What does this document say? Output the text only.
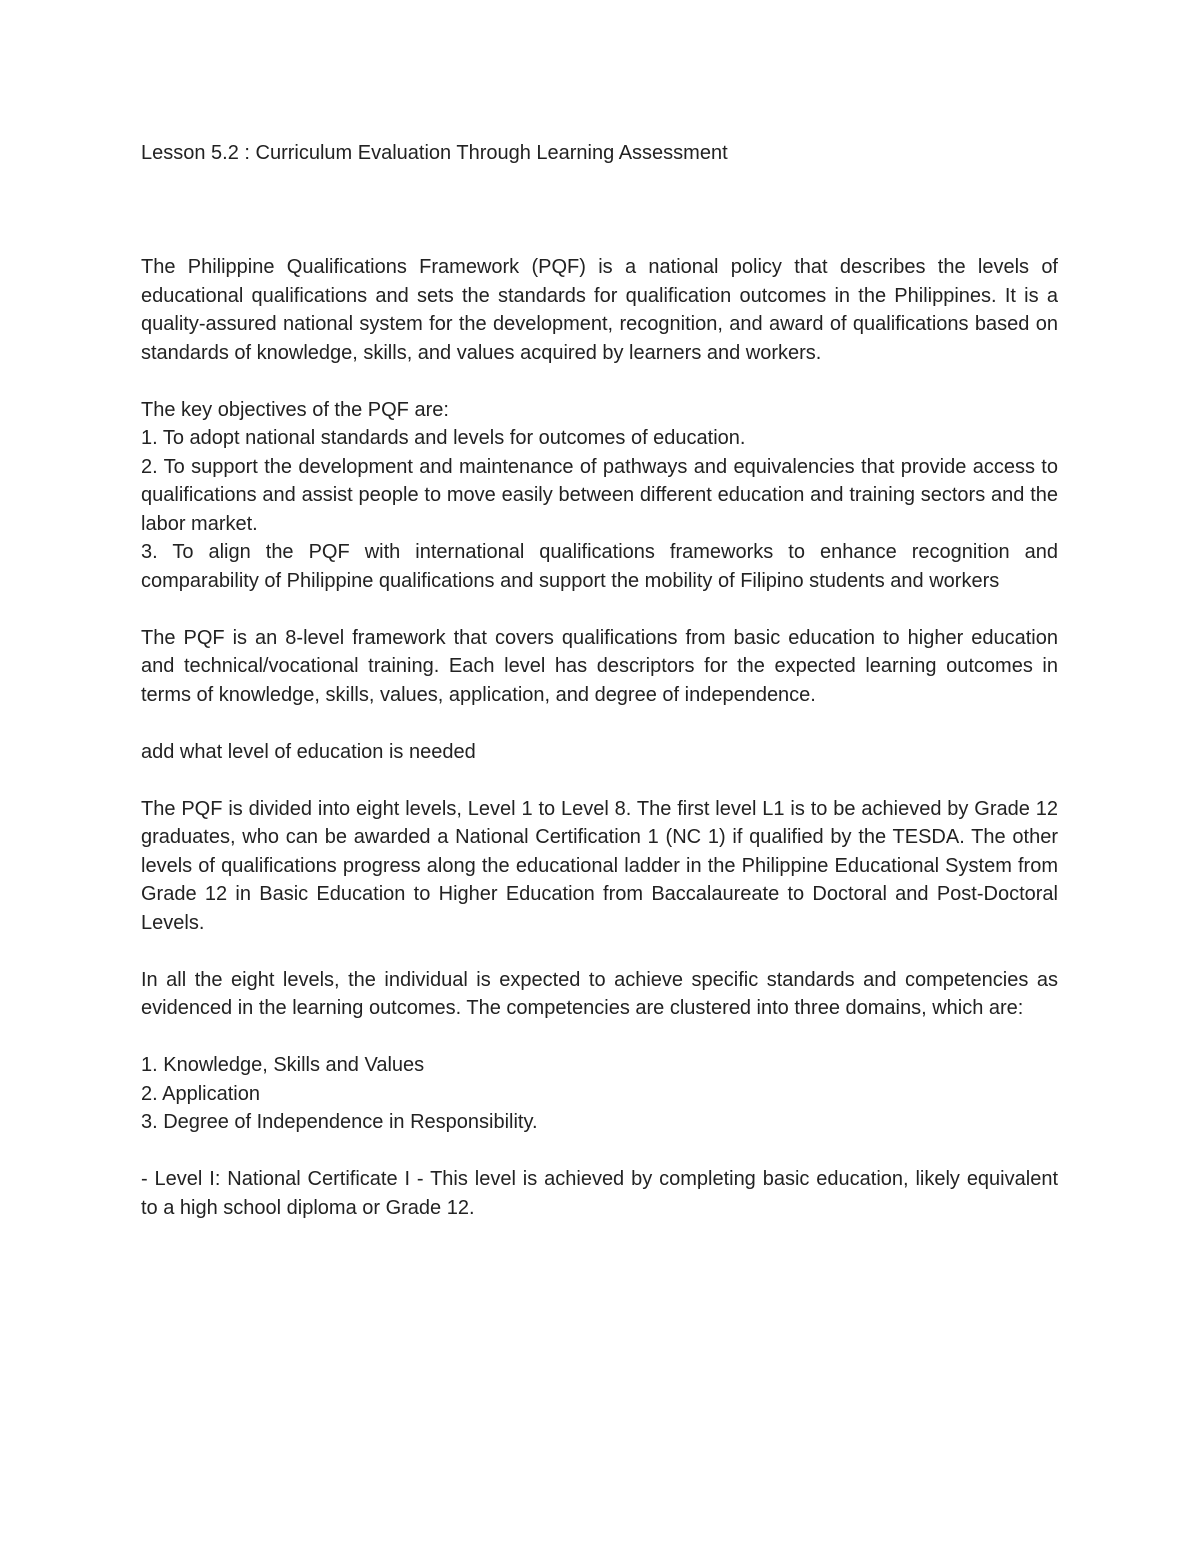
Lesson 5.2 : Curriculum Evaluation Through Learning Assessment

The Philippine Qualifications Framework (PQF) is a national policy that describes the levels of educational qualifications and sets the standards for qualification outcomes in the Philippines. It is a quality-assured national system for the development, recognition, and award of qualifications based on standards of knowledge, skills, and values acquired by learners and workers.

The key objectives of the PQF are:

1. To adopt national standards and levels for outcomes of education.

2. To support the development and maintenance of pathways and equivalencies that provide access to qualifications and assist people to move easily between different education and training sectors and the labor market.

3. To align the PQF with international qualifications frameworks to enhance recognition and comparability of Philippine qualifications and support the mobility of Filipino students and workers

The PQF is an 8-level framework that covers qualifications from basic education to higher education and technical/vocational training. Each level has descriptors for the expected learning outcomes in terms of knowledge, skills, values, application, and degree of independence.

add what level of education is needed

The PQF is divided into eight levels, Level 1 to Level 8. The first level L1 is to be achieved by Grade 12 graduates, who can be awarded a National Certification 1 (NC 1) if qualified by the TESDA. The other levels of qualifications progress along the educational ladder in the Philippine Educational System from Grade 12 in Basic Education to Higher Education from Baccalaureate to Doctoral and Post-Doctoral Levels.

In all the eight levels, the individual is expected to achieve specific standards and competencies as evidenced in the learning outcomes. The competencies are clustered into three domains, which are:

1. Knowledge, Skills and Values

2. Application

3. Degree of Independence in Responsibility.

- Level I: National Certificate I - This level is achieved by completing basic education, likely equivalent to a high school diploma or Grade 12.
